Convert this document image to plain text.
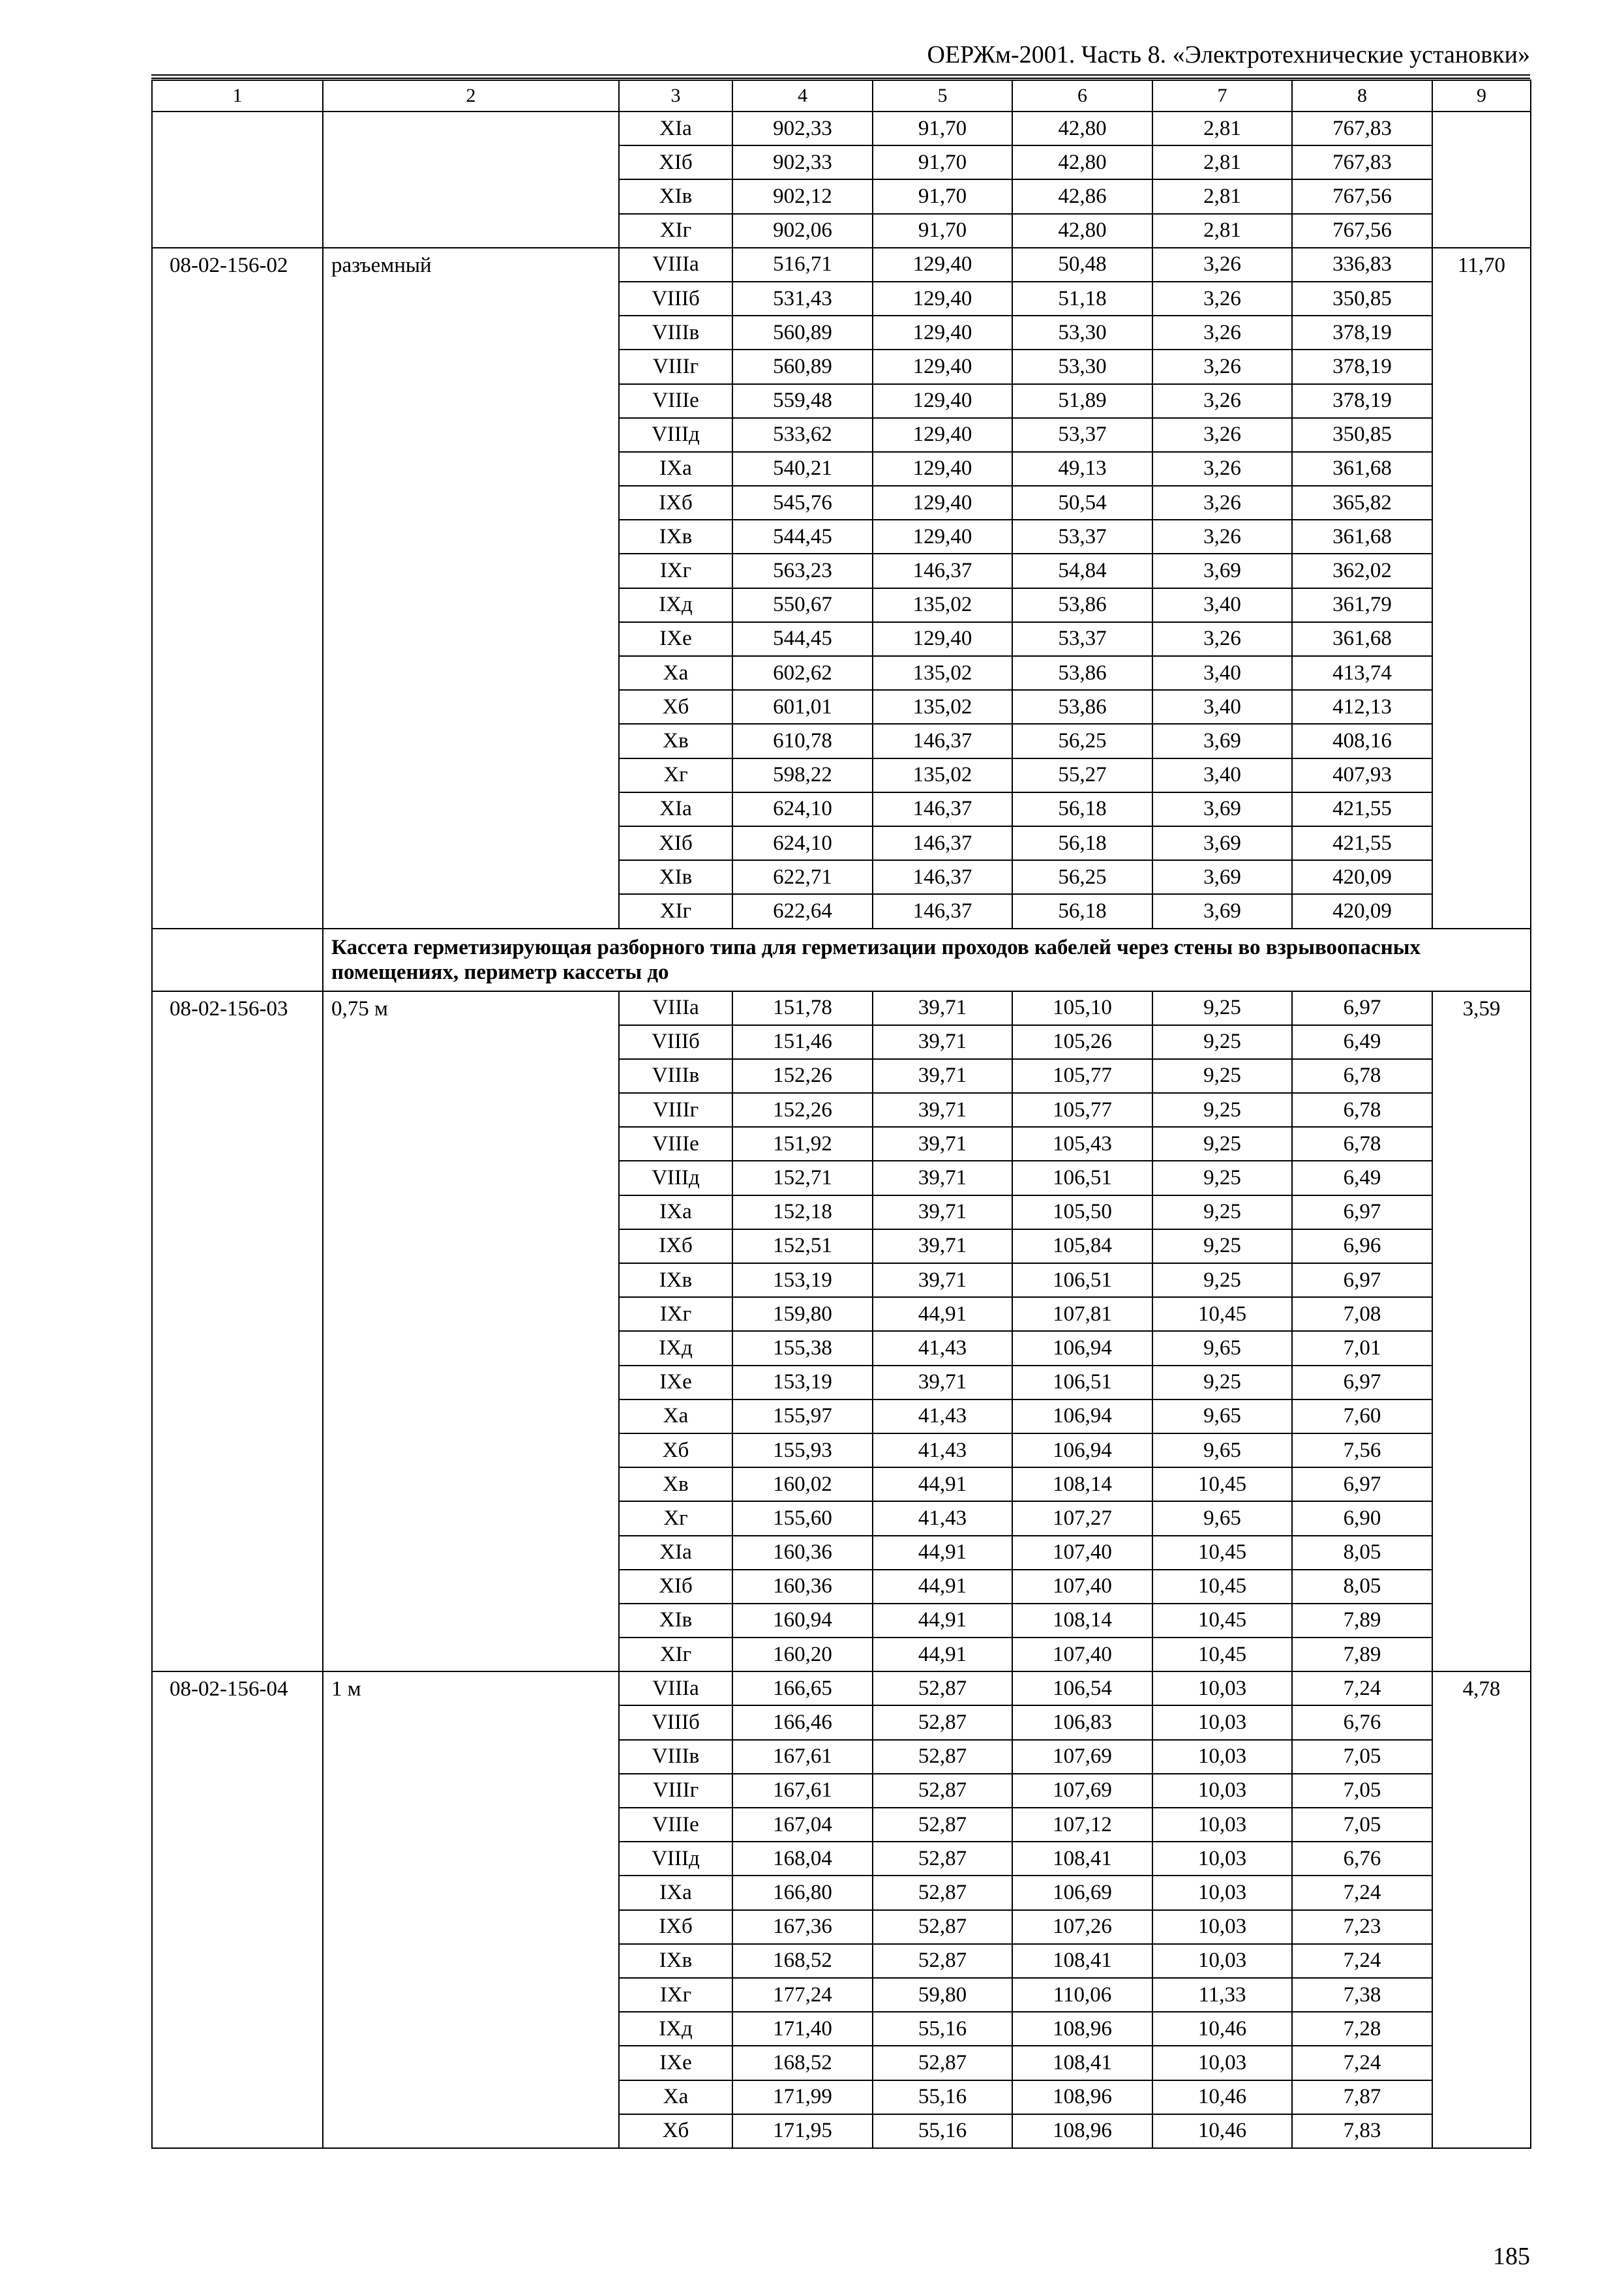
ОЕРЖм-2001. Часть 8. «Электротехнические установки»
1	2	3	4	5	6	7	8	9
		XIа	902,33	91,70	42,80	2,81	767,83	
		XIб	902,33	91,70	42,80	2,81	767,83	
		XIв	902,12	91,70	42,86	2,81	767,56	
		XIг	902,06	91,70	42,80	2,81	767,56	
08-02-156-02	разъемный	VIIIа	516,71	129,40	50,48	3,26	336,83	11,70
		VIIIб	531,43	129,40	51,18	3,26	350,85	
		VIIIв	560,89	129,40	53,30	3,26	378,19	
		VIIIг	560,89	129,40	53,30	3,26	378,19	
		VIIIе	559,48	129,40	51,89	3,26	378,19	
		VIIIд	533,62	129,40	53,37	3,26	350,85	
		IXа	540,21	129,40	49,13	3,26	361,68	
		IXб	545,76	129,40	50,54	3,26	365,82	
		IXв	544,45	129,40	53,37	3,26	361,68	
		IXг	563,23	146,37	54,84	3,69	362,02	
		IXд	550,67	135,02	53,86	3,40	361,79	
		IXе	544,45	129,40	53,37	3,26	361,68	
		Xа	602,62	135,02	53,86	3,40	413,74	
		Xб	601,01	135,02	53,86	3,40	412,13	
		Xв	610,78	146,37	56,25	3,69	408,16	
		Xг	598,22	135,02	55,27	3,40	407,93	
		XIа	624,10	146,37	56,18	3,69	421,55	
		XIб	624,10	146,37	56,18	3,69	421,55	
		XIв	622,71	146,37	56,25	3,69	420,09	
		XIг	622,64	146,37	56,18	3,69	420,09	
	Кассета герметизирующая разборного типа для герметизации проходов кабелей через стены во взрывоопасных помещениях, периметр кассеты до							
08-02-156-03	0,75 м	VIIIа	151,78	39,71	105,10	9,25	6,97	3,59
		VIIIб	151,46	39,71	105,26	9,25	6,49	
		VIIIв	152,26	39,71	105,77	9,25	6,78	
		VIIIг	152,26	39,71	105,77	9,25	6,78	
		VIIIе	151,92	39,71	105,43	9,25	6,78	
		VIIIд	152,71	39,71	106,51	9,25	6,49	
		IXа	152,18	39,71	105,50	9,25	6,97	
		IXб	152,51	39,71	105,84	9,25	6,96	
		IXв	153,19	39,71	106,51	9,25	6,97	
		IXг	159,80	44,91	107,81	10,45	7,08	
		IXд	155,38	41,43	106,94	9,65	7,01	
		IXе	153,19	39,71	106,51	9,25	6,97	
		Xа	155,97	41,43	106,94	9,65	7,60	
		Xб	155,93	41,43	106,94	9,65	7,56	
		Xв	160,02	44,91	108,14	10,45	6,97	
		Xг	155,60	41,43	107,27	9,65	6,90	
		XIа	160,36	44,91	107,40	10,45	8,05	
		XIб	160,36	44,91	107,40	10,45	8,05	
		XIв	160,94	44,91	108,14	10,45	7,89	
		XIг	160,20	44,91	107,40	10,45	7,89	
08-02-156-04	1 м	VIIIа	166,65	52,87	106,54	10,03	7,24	4,78
		VIIIб	166,46	52,87	106,83	10,03	6,76	
		VIIIв	167,61	52,87	107,69	10,03	7,05	
		VIIIг	167,61	52,87	107,69	10,03	7,05	
		VIIIе	167,04	52,87	107,12	10,03	7,05	
		VIIIд	168,04	52,87	108,41	10,03	6,76	
		IXа	166,80	52,87	106,69	10,03	7,24	
		IXб	167,36	52,87	107,26	10,03	7,23	
		IXв	168,52	52,87	108,41	10,03	7,24	
		IXг	177,24	59,80	110,06	11,33	7,38	
		IXд	171,40	55,16	108,96	10,46	7,28	
		IXе	168,52	52,87	108,41	10,03	7,24	
		Xа	171,99	55,16	108,96	10,46	7,87	
		Xб	171,95	55,16	108,96	10,46	7,83	
185
